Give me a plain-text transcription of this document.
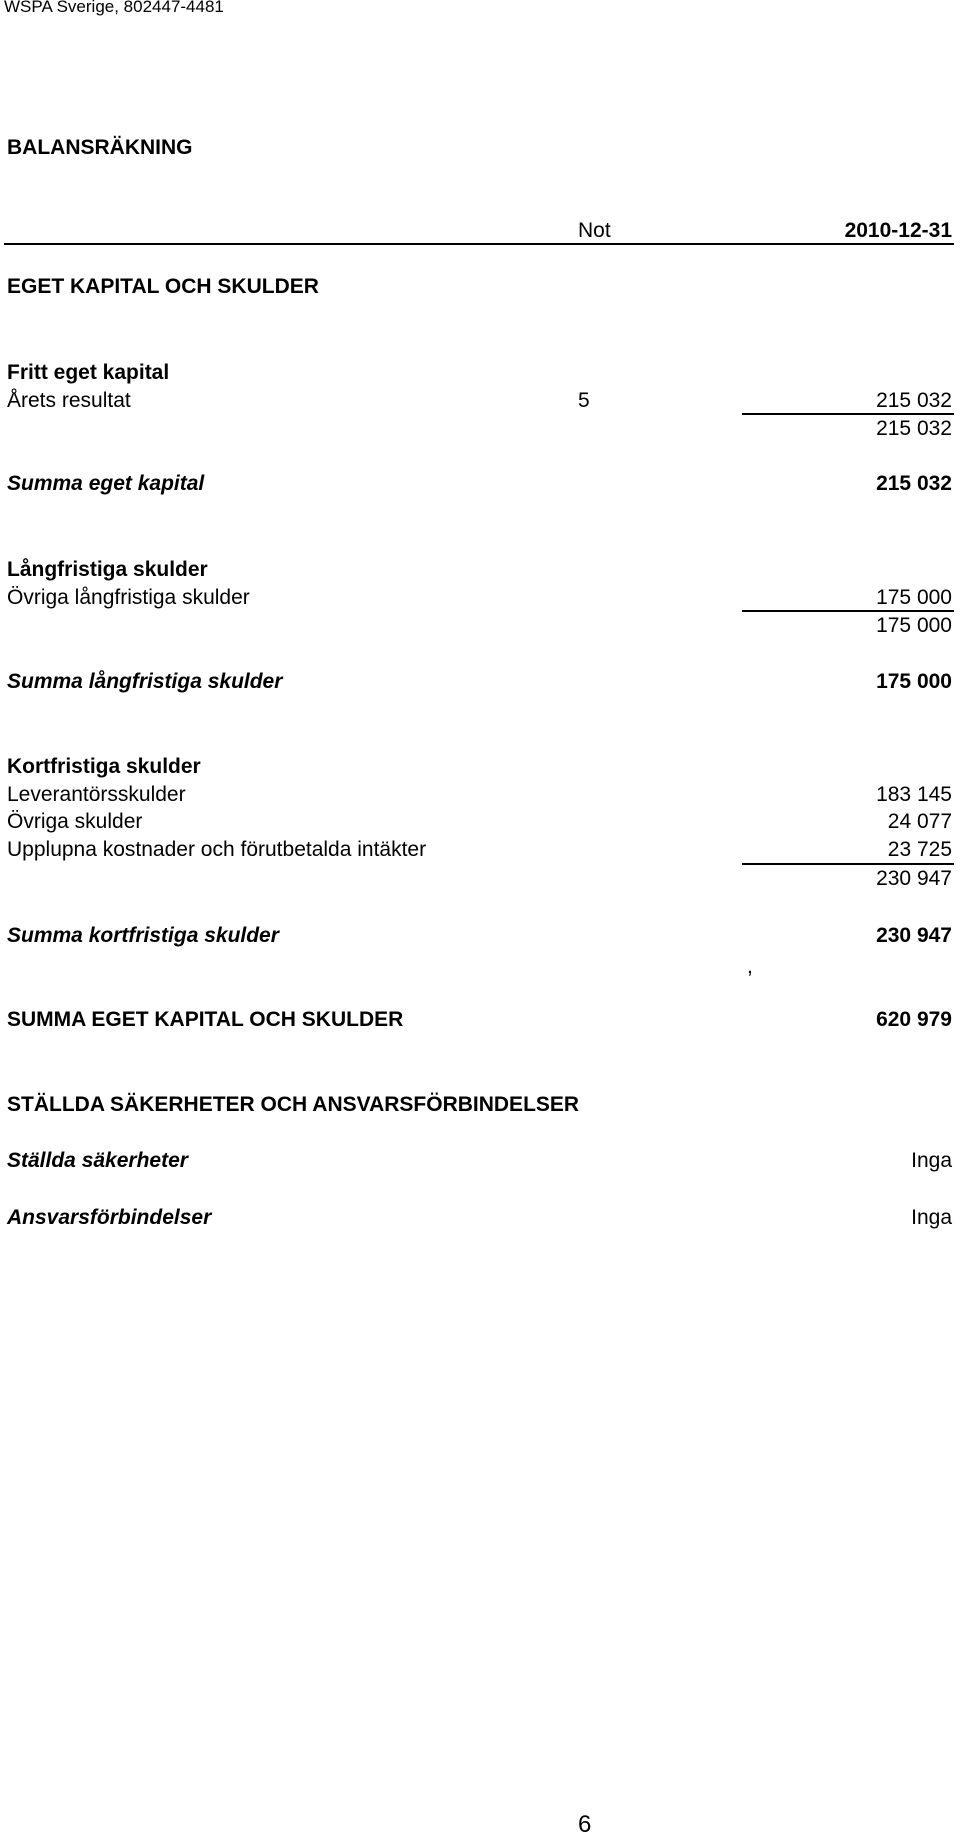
WSPA Sverige, 802447-4481
BALANSRÄKNING
Not	2010-12-31
EGET KAPITAL OCH SKULDER
Fritt eget kapital
Årets resultat	5	215 032
215 032
Summa eget kapital	215 032
Långfristiga skulder
Övriga långfristiga skulder	175 000
175 000
Summa långfristiga skulder	175 000
Kortfristiga skulder
Leverantörsskulder	183 145
Övriga skulder	24 077
Upplupna kostnader och förutbetalda intäkter	23 725
230 947
Summa kortfristiga skulder	230 947
,
SUMMA EGET KAPITAL OCH SKULDER	620 979
STÄLLDA SÄKERHETER OCH ANSVARSFÖRBINDELSER
Ställda säkerheter	Inga
Ansvarsförbindelser	Inga
6
